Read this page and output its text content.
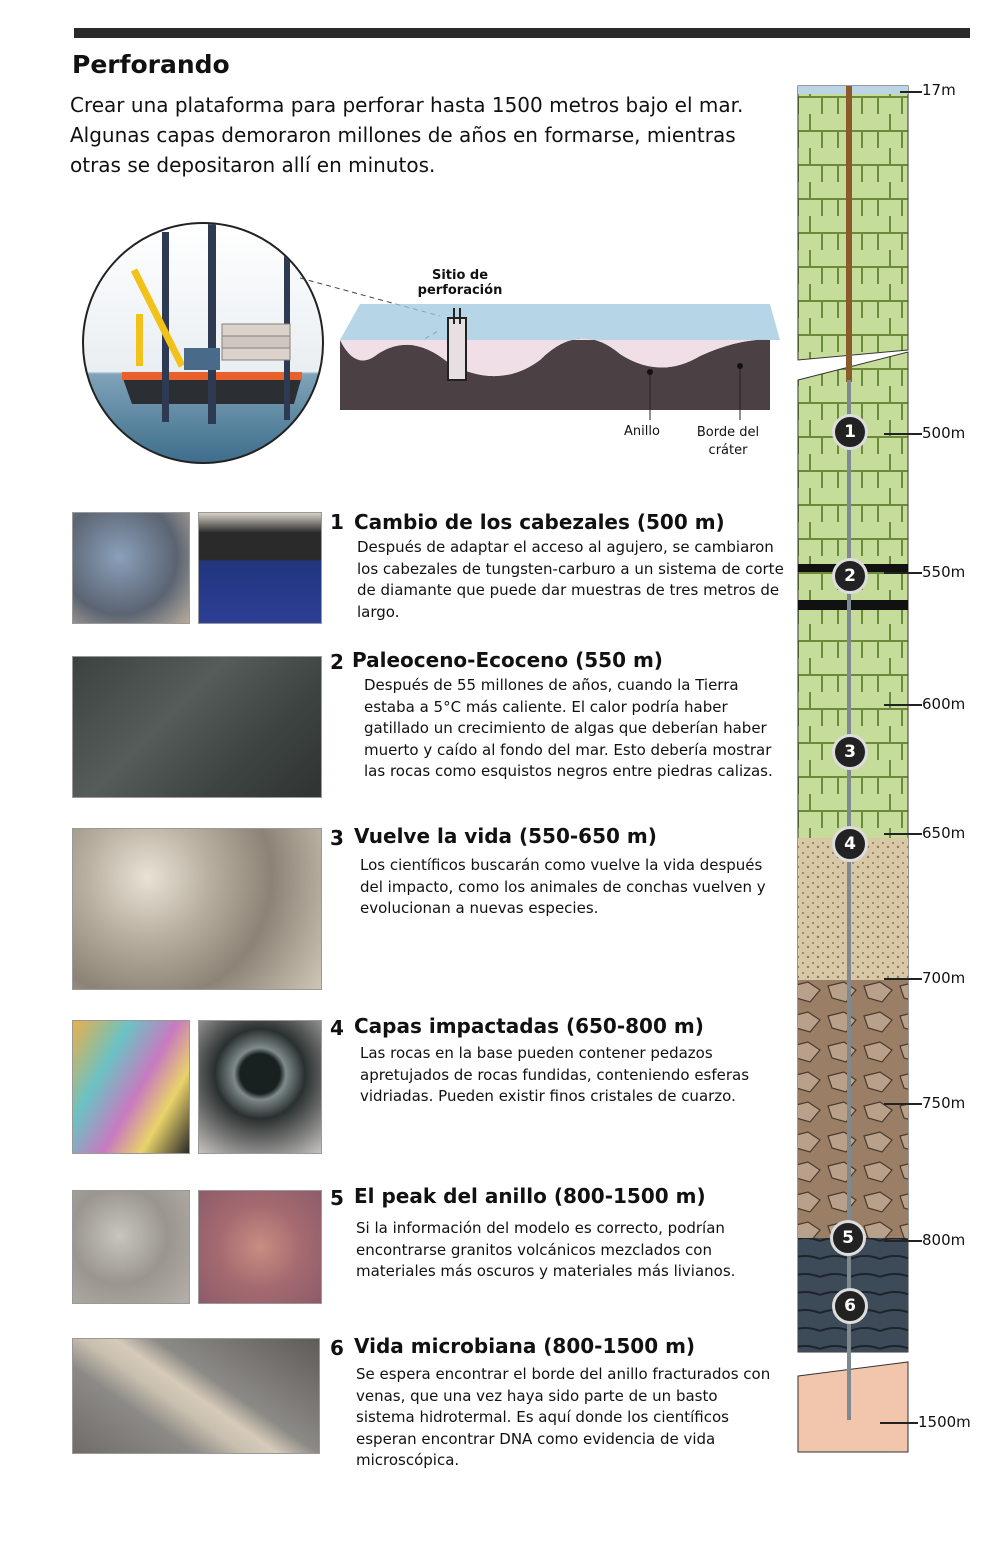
Perforando

Crear una plataforma para perforar hasta 1500 metros bajo el mar. Algunas capas demoraron millones de años en formarse, mientras otras se depositaron allí en minutos.

Sitio de perforación
Anillo	Borde del cráter
1 Cambio de los cabezales (500 m)

Después de adaptar el acceso al agujero, se cambiaron los cabezales de tungsten-carburo a un sistema de corte de diamante que puede dar muestras de tres metros de largo.

2 Paleoceno-Ecoceno (550 m)

Después de 55 millones de años, cuando la Tierra estaba a 5°C más caliente. El calor podría haber gatillado un crecimiento de algas que deberían haber muerto y caído al fondo del mar. Esto debería mostrar las rocas como esquistos negros entre piedras calizas.

3 Vuelve la vida (550-650 m)

Los científicos buscarán como vuelve la vida después del impacto, como los animales de conchas vuelven y evolucionan a nuevas especies.

4 Capas impactadas (650-800 m)

Las rocas en la base pueden contener pedazos apretujados de rocas fundidas, conteniendo esferas vidriadas. Pueden existir finos cristales de cuarzo.

5 El peak del anillo (800-1500 m)

Si la información del modelo es correcto, podrían encontrarse granitos volcánicos mezclados con materiales más oscuros y materiales más livianos.

6 Vida microbiana (800-1500 m)

Se espera encontrar el borde del anillo fracturados con venas, que una vez haya sido parte de un basto sistema hidrotermal. Es aquí donde los científicos esperan encontrar DNA como evidencia de vida microscópica.

17m
500m
550m
600m
650m
700m
750m
800m
1500m
1
2
3
4
5
6
